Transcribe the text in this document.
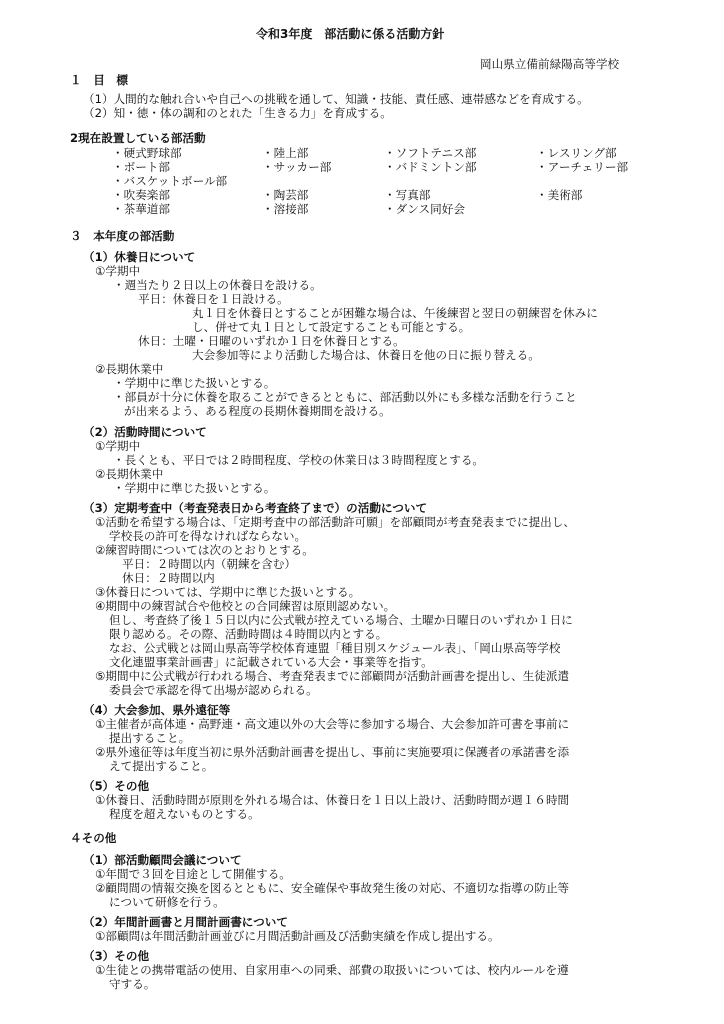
令和3年度　部活動に係る活動方針
岡山県立備前緑陽高等学校
１　目　標
（1）人間的な触れ合いや自己への挑戦を通して、知識・技能、責任感、連帯感などを育成する。
（2）知・徳・体の調和のとれた「生きる力」を育成する。
2現在設置している部活動
・硬式野球部	・陸上部	・ソフトテニス部	・レスリング部
・ボート部	・サッカー部	・バドミントン部	・アーチェリー部
・バスケットボール部
・吹奏楽部	・陶芸部	・写真部	・美術部
・茶華道部	・溶接部	・ダンス同好会
３　本年度の部活動
（1）休養日について
①学期中
・週当たり２日以上の休養日を設ける。
平日：休養日を１日設ける。
丸１日を休養日とすることが困難な場合は、午後練習と翌日の朝練習を休みに
し、併せて丸１日として設定することも可能とする。
休日：土曜・日曜のいずれか１日を休養日とする。
大会参加等により活動した場合は、休養日を他の日に振り替える。
②長期休業中
・学期中に準じた扱いとする。
・部員が十分に休養を取ることができるとともに、部活動以外にも多様な活動を行うこと
が出来るよう、ある程度の長期休養期間を設ける。
（2）活動時間について
①学期中
・長くとも、平日では２時間程度、学校の休業日は３時間程度とする。
②長期休業中
・学期中に準じた扱いとする。
（3）定期考査中（考査発表日から考査終了まで）の活動について
①活動を希望する場合は、「定期考査中の部活動許可願」を部顧問が考査発表までに提出し、
学校長の許可を得なければならない。
②練習時間については次のとおりとする。
平日：２時間以内（朝練を含む）
休日：２時間以内
③休養日については、学期中に準じた扱いとする。
④期間中の練習試合や他校との合同練習は原則認めない。
但し、考査終了後１５日以内に公式戦が控えている場合、土曜か日曜日のいずれか１日に
限り認める。その際、活動時間は４時間以内とする。
なお、公式戦とは岡山県高等学校体育連盟「種目別スケジュール表」、「岡山県高等学校
文化連盟事業計画書」に記載されている大会・事業等を指す。
⑤期間中に公式戦が行われる場合、考査発表までに部顧問が活動計画書を提出し、生徒派遣
委員会で承認を得て出場が認められる。
（4）大会参加、県外遠征等
①主催者が高体連・高野連・高文連以外の大会等に参加する場合、大会参加許可書を事前に
提出すること。
②県外遠征等は年度当初に県外活動計画書を提出し、事前に実施要項に保護者の承諾書を添
えて提出すること。
（5）その他
①休養日、活動時間が原則を外れる場合は、休養日を１日以上設け、活動時間が週１６時間
程度を超えないものとする。
４その他
（1）部活動顧問会議について
①年間で３回を目途として開催する。
②顧問間の情報交換を図るとともに、安全確保や事故発生後の対応、不適切な指導の防止等
について研修を行う。
（2）年間計画書と月間計画書について
①部顧問は年間活動計画並びに月間活動計画及び活動実績を作成し提出する。
（3）その他
①生徒との携帯電話の使用、自家用車への同乗、部費の取扱いについては、校内ルールを遵
守する。
